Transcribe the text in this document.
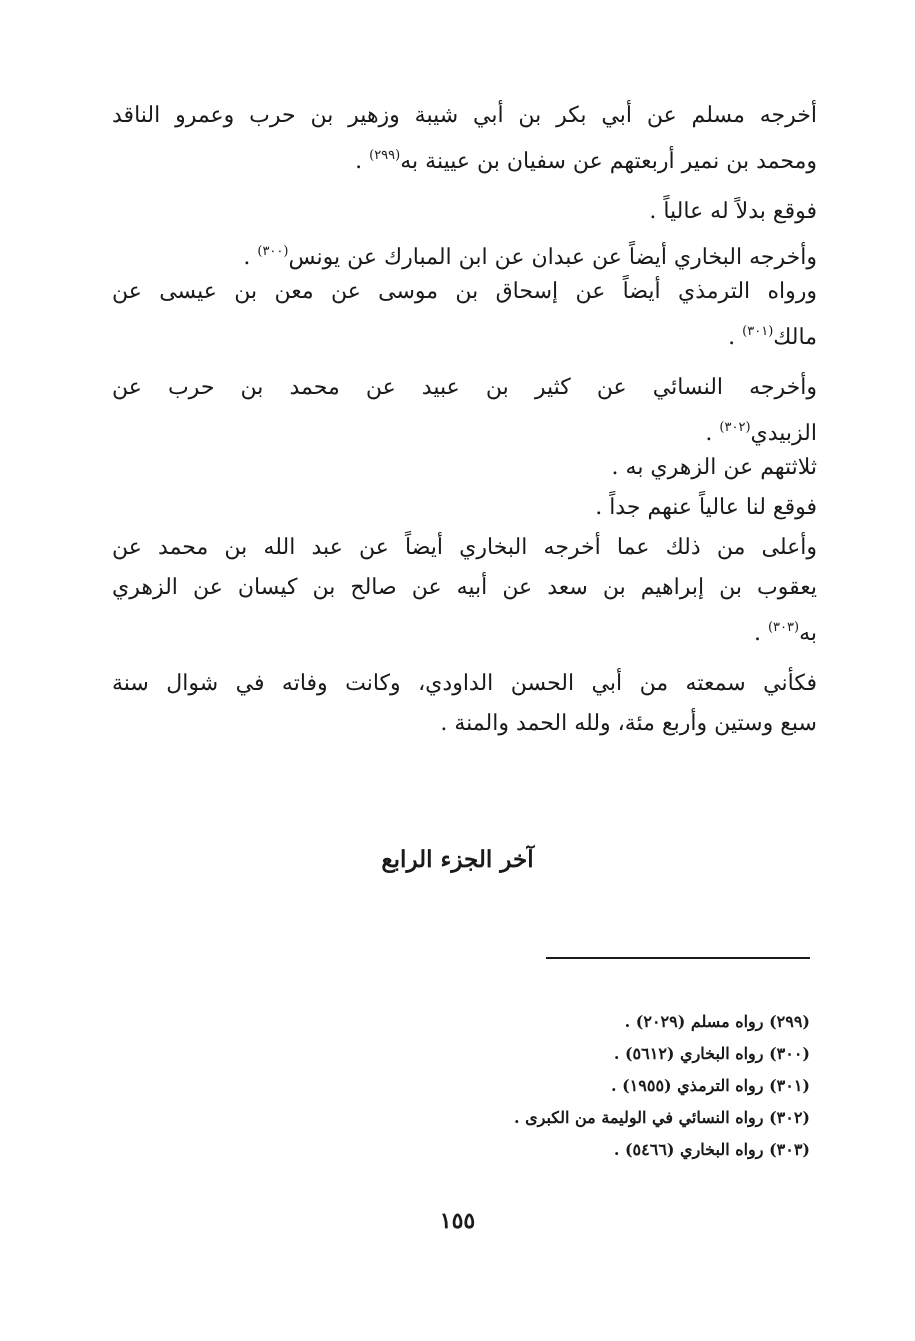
أخرجه مسلم عن أبي بكر بن أبي شيبة وزهير بن حرب وعمرو الناقد
ومحمد بن نمير أربعتهم عن سفيان بن عيينة به$^{(٢٩٩)}$ .
فوقع بدلاً له عالياً .
وأخرجه البخاري أيضاً عن عبدان عن ابن المبارك عن يونس$^{(٣٠٠)}$ .
ورواه الترمذي أيضاً عن إسحاق بن موسى عن معن بن عيسى عن
مالك$^{(٣٠١)}$ .
وأخرجه النسائي عن كثير بن عبيد عن محمد بن حرب عن
الزبيدي$^{(٣٠٢)}$ .
ثلاثتهم عن الزهري به .
فوقع لنا عالياً عنهم جداً .
وأعلى من ذلك عما أخرجه البخاري أيضاً عن عبد الله بن محمد عن
يعقوب بن إبراهيم بن سعد عن أبيه عن صالح بن كيسان عن الزهري
به$^{(٣٠٣)}$ .
فكأني سمعته من أبي الحسن الداودي، وكانت وفاته في شوال سنة
سبع وستين وأربع مئة، ولله الحمد والمنة .
آخر الجزء الرابع
(٢٩٩) رواه مسلم (٢٠٢٩) .
(٣٠٠) رواه البخاري (٥٦١٢) .
(٣٠١) رواه الترمذي (١٩٥٥) .
(٣٠٢) رواه النسائي في الوليمة من الكبرى .
(٣٠٣) رواه البخاري (٥٤٦٦) .
١٥٥
